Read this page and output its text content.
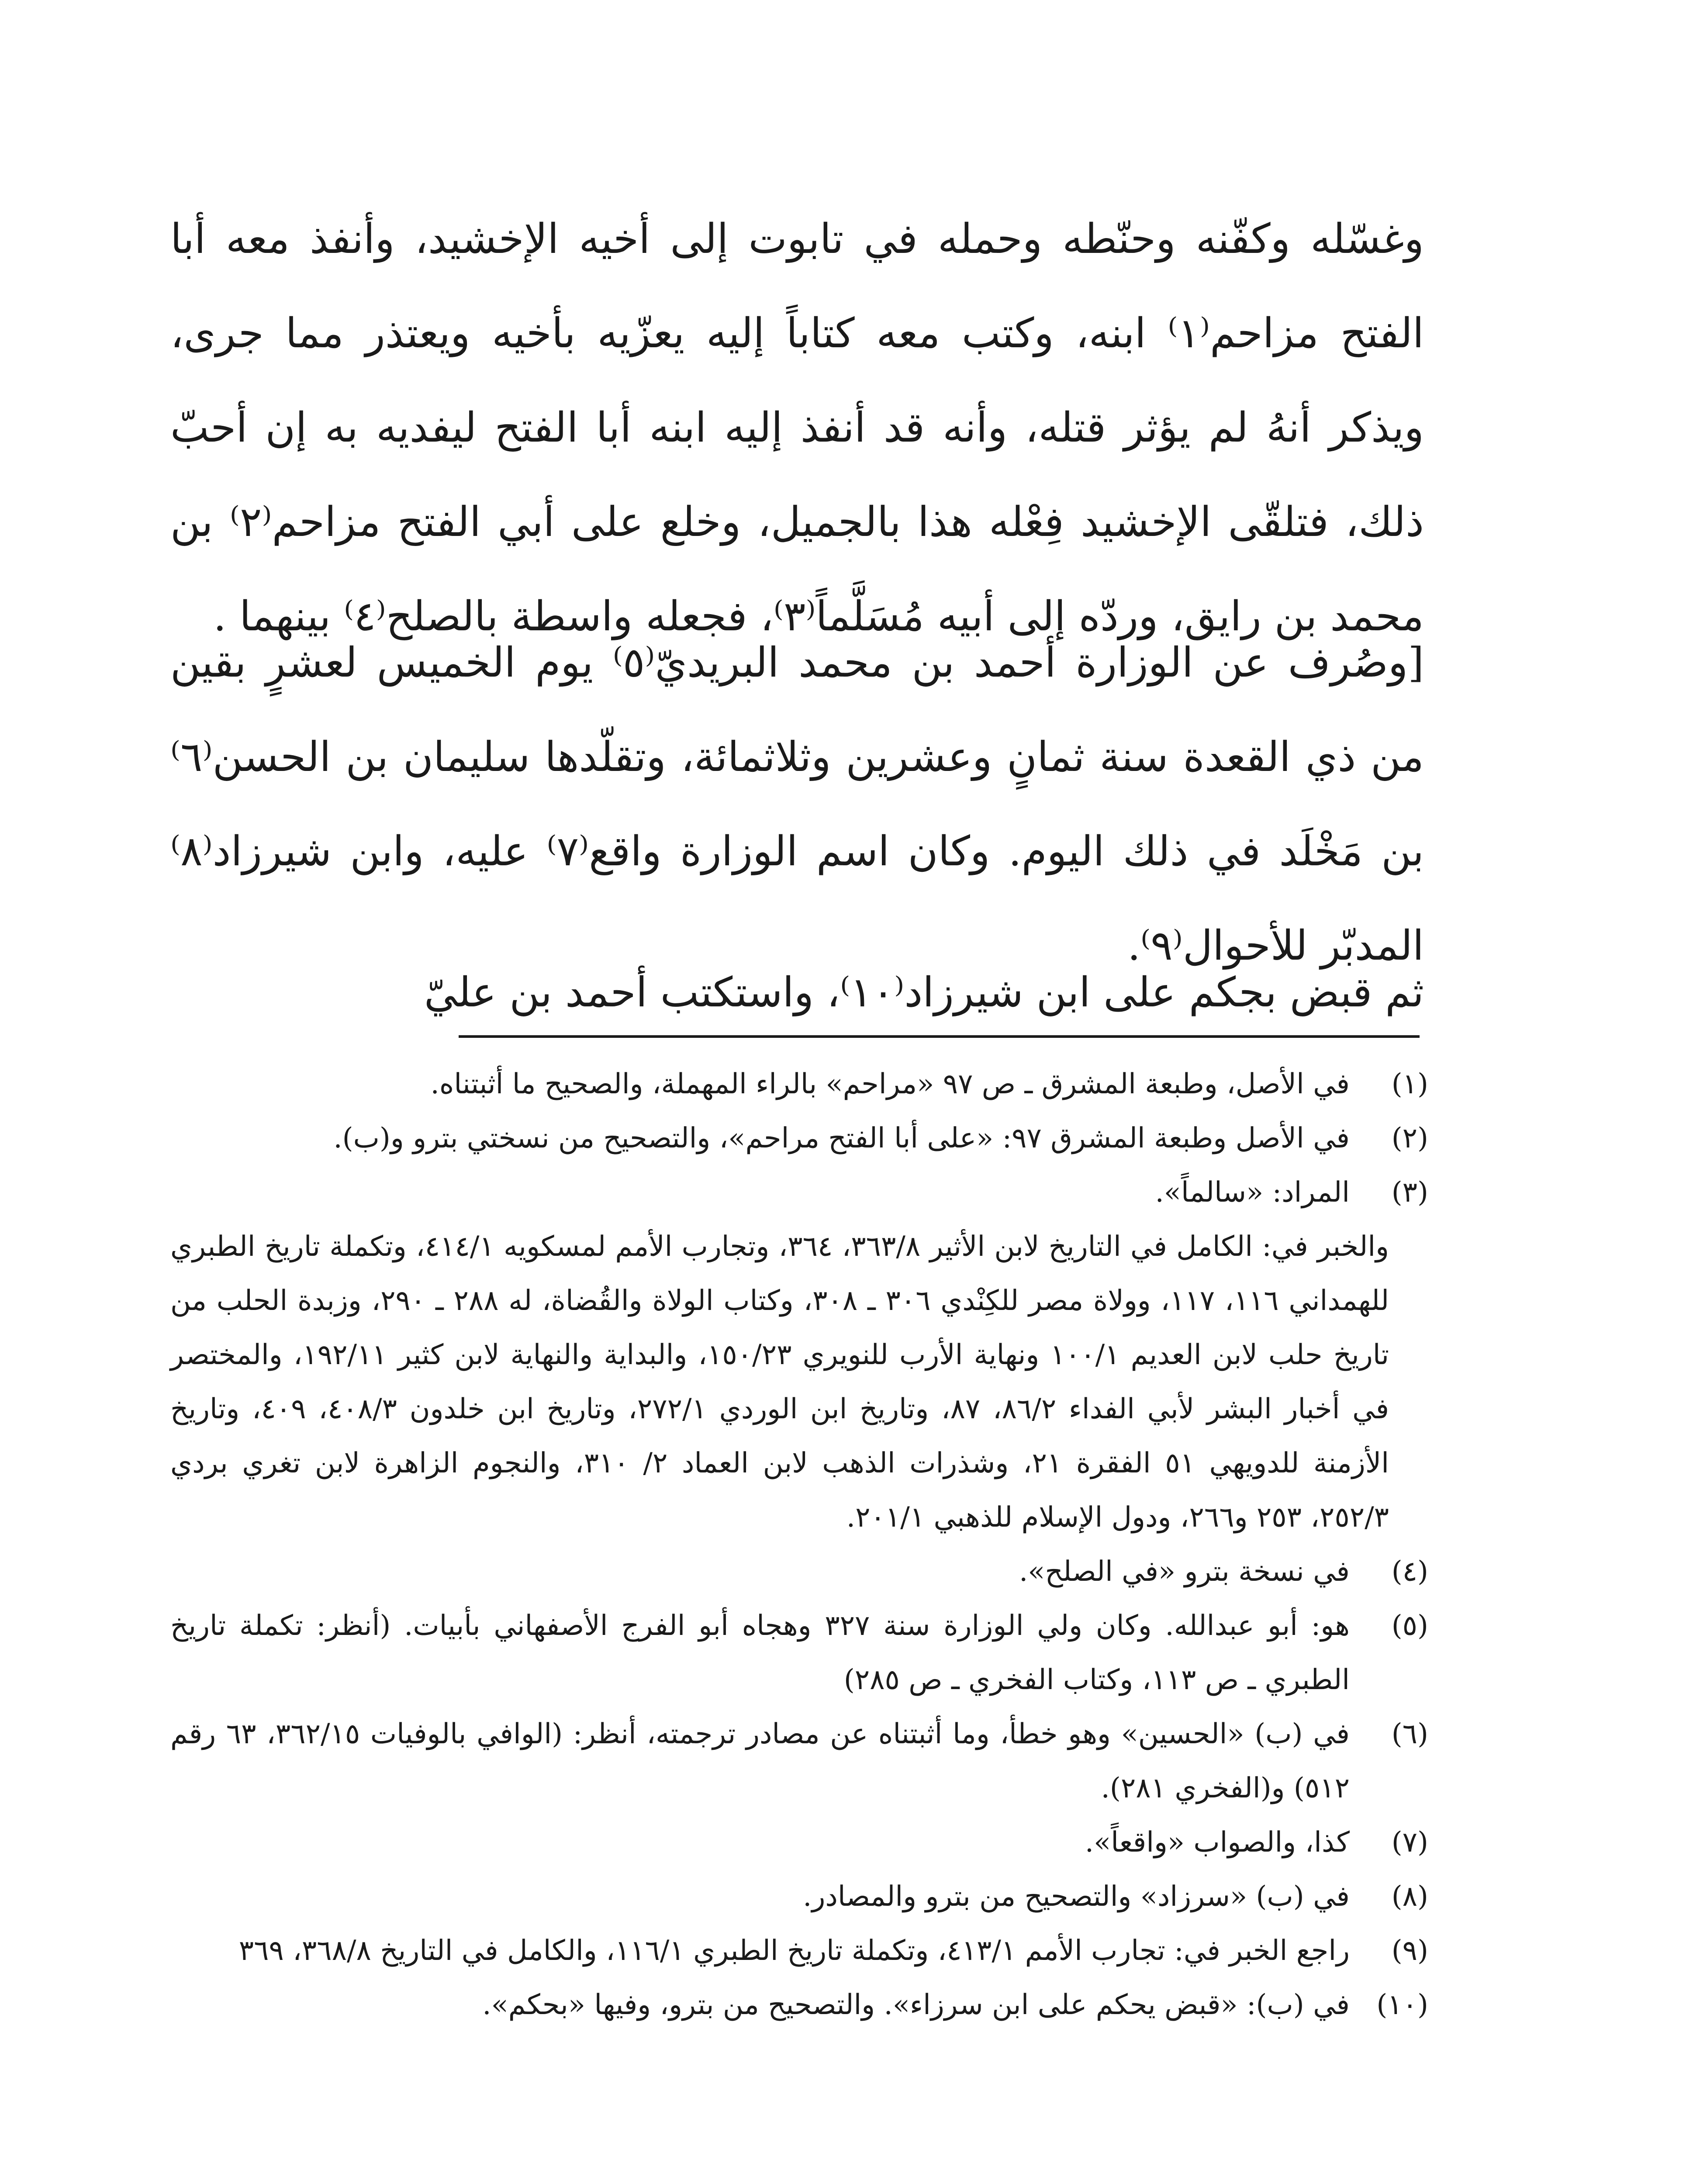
وغسّله وكفّنه وحنّطه وحمله في تابوت إلى أخيه الإخشيد، وأنفذ معه أبا الفتح مزاحم⁽١⁾ ابنه، وكتب معه كتاباً إليه يعزّيه بأخيه ويعتذر مما جرى، ويذكر أنهُ لم يؤثر قتله، وأنه قد أنفذ إليه ابنه أبا الفتح ليفديه به إن أحبّ ذلك، فتلقّى الإخشيد فِعْله هذا بالجميل، وخلع على أبي الفتح مزاحم⁽٢⁾ بن محمد بن رايق، وردّه إلى أبيه مُسَلَّماً⁽٣⁾، فجعله واسطة بالصلح⁽٤⁾ بينهما .

[وصُرف عن الوزارة أحمد بن محمد البريديّ⁽٥⁾ يوم الخميس لعشرٍ بقين من ذي القعدة سنة ثمانٍ وعشرين وثلاثمائة، وتقلّدها سليمان بن الحسن⁽٦⁾ بن مَخْلَد في ذلك اليوم. وكان اسم الوزارة واقع⁽٧⁾ عليه، وابن شيرزاد⁽٨⁾ المدبّر للأحوال⁽٩⁾.

ثم قبض بجكم على ابن شيرزاد⁽١٠⁾، واستكتب أحمد بن عليّ

(١)
في الأصل، وطبعة المشرق ـ ص ٩٧ «مراحم» بالراء المهملة، والصحيح ما أثبتناه.

(٢)
في الأصل وطبعة المشرق ٩٧: «على أبا الفتح مراحم»، والتصحيح من نسختي بترو و(ب).

(٣)
المراد: «سالماً».

والخبر في: الكامل في التاريخ لابن الأثير ٣٦٣/٨، ٣٦٤، وتجارب الأمم لمسكويه ٤١٤/١، وتكملة تاريخ الطبري للهمداني ١١٦، ١١٧، وولاة مصر للكِنْدي ٣٠٦ ـ ٣٠٨، وكتاب الولاة والقُضاة، له ٢٨٨ ـ ٢٩٠، وزبدة الحلب من تاريخ حلب لابن العديم ١٠٠/١ ونهاية الأرب للنويري ١٥٠/٢٣، والبداية والنهاية لابن كثير ١٩٢/١١، والمختصر في أخبار البشر لأبي الفداء ٨٦/٢، ٨٧، وتاريخ ابن الوردي ٢٧٢/١، وتاريخ ابن خلدون ٤٠٨/٣، ٤٠٩، وتاريخ الأزمنة للدويهي ٥١ الفقرة ٢١، وشذرات الذهب لابن العماد ٢/ ٣١٠، والنجوم الزاهرة لابن تغري بردي ٢٥٢/٣، ٢٥٣ و٢٦٦، ودول الإسلام للذهبي ٢٠١/١.

(٤)
في نسخة بترو «في الصلح».

(٥)
هو: أبو عبدالله. وكان ولي الوزارة سنة ٣٢٧ وهجاه أبو الفرج الأصفهاني بأبيات. (أنظر: تكملة تاريخ الطبري ـ ص ١١٣، وكتاب الفخري ـ ص ٢٨٥)

(٦)
في (ب) «الحسين» وهو خطأ، وما أثبتناه عن مصادر ترجمته، أنظر: (الوافي بالوفيات ٣٦٢/١٥، ٦٣ رقم ٥١٢) و(الفخري ٢٨١).

(٧)
كذا، والصواب «واقعاً».

(٨)
في (ب) «سرزاد» والتصحيح من بترو والمصادر.

(٩)
راجع الخبر في: تجارب الأمم ٤١٣/١، وتكملة تاريخ الطبري ١١٦/١، والكامل في التاريخ ٣٦٨/٨، ٣٦٩

(١٠)
في (ب): «قبض يحكم على ابن سرزاء». والتصحيح من بترو، وفيها «بحكم».
